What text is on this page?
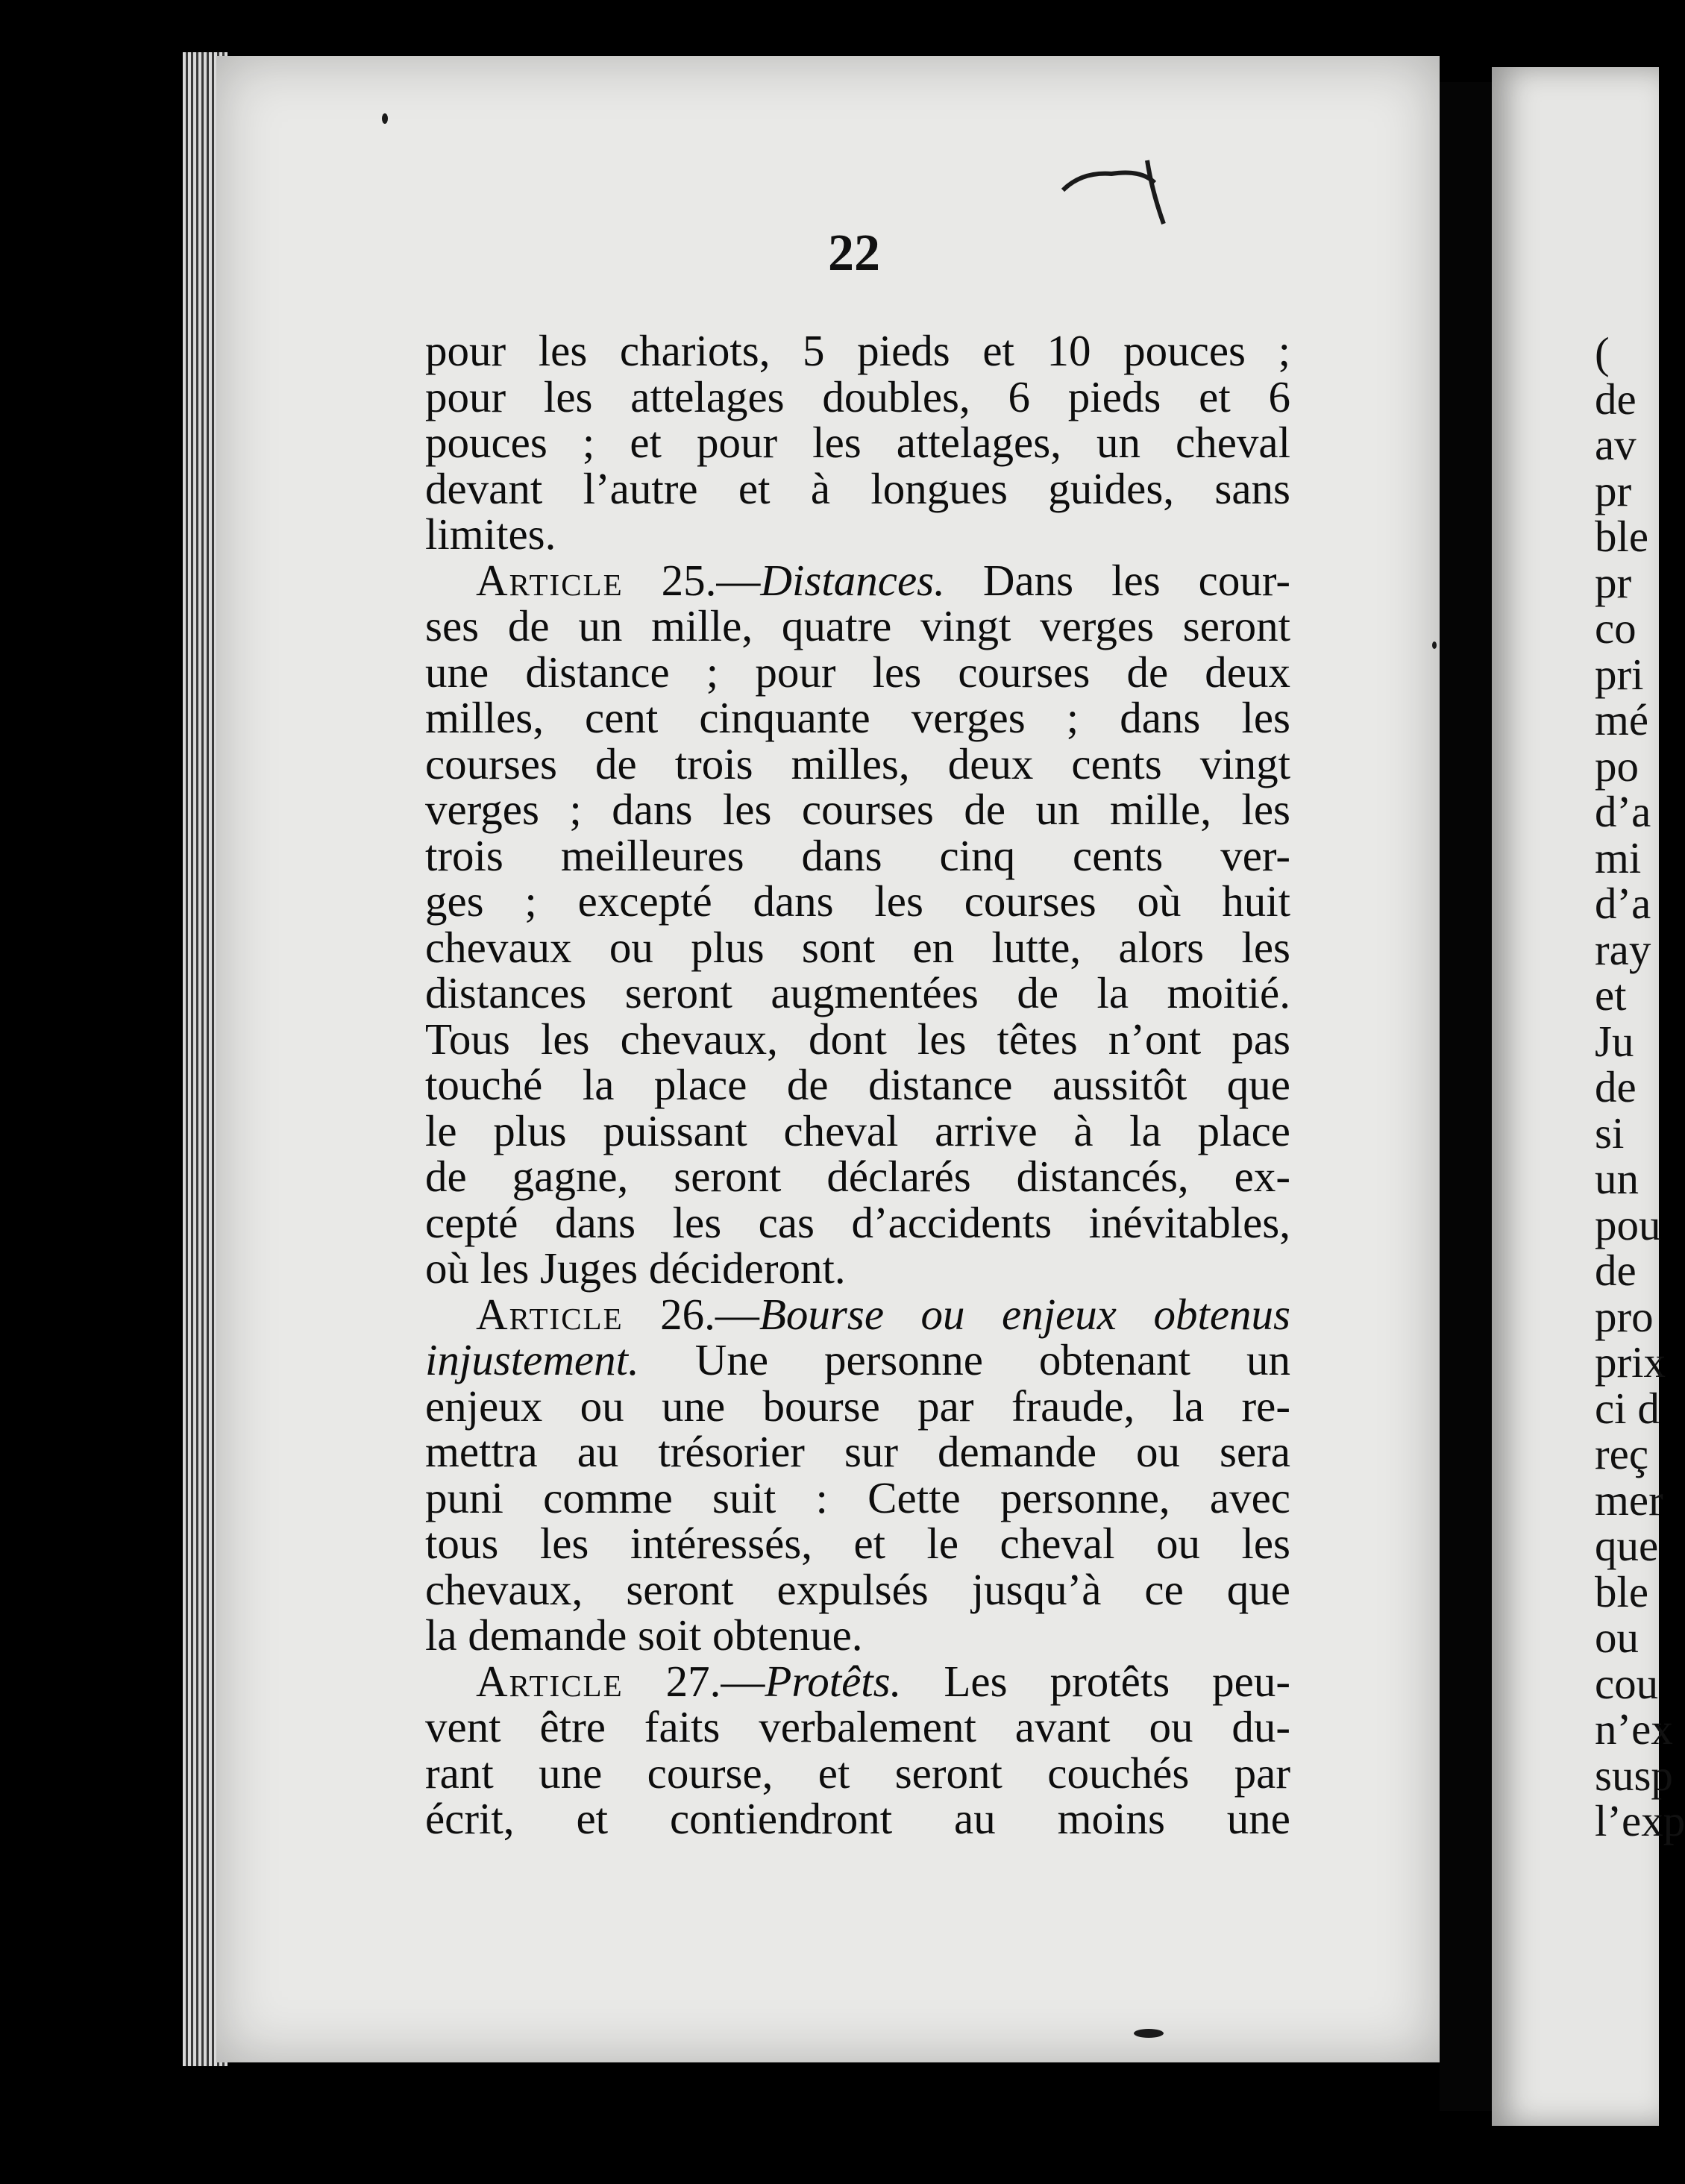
22
pour les chariots, 5 pieds et 10 pouces ;
pour les attelages doubles, 6 pieds et 6
pouces ; et pour les attelages, un cheval
devant l’autre et à longues guides, sans
limites.
Article 25.—Distances. Dans les cour-
ses de un mille, quatre vingt verges seront
une distance ; pour les courses de deux
milles, cent cinquante verges ; dans les
courses de trois milles, deux cents vingt
verges ; dans les courses de un mille, les
trois meilleures dans cinq cents ver-
ges ; excepté dans les courses où huit
chevaux ou plus sont en lutte, alors les
distances seront augmentées de la moitié.
Tous les chevaux, dont les têtes n’ont pas
touché la place de distance aussitôt que
le plus puissant cheval arrive à la place
de gagne, seront déclarés distancés, ex-
cepté dans les cas d’accidents inévitables,
où les Juges décideront.
Article 26.—Bourse ou enjeux obtenus
injustement. Une personne obtenant un
enjeux ou une bourse par fraude, la re-
mettra au trésorier sur demande ou sera
puni comme suit : Cette personne, avec
tous les intéressés, et le cheval ou les
chevaux, seront expulsés jusqu’à ce que
la demande soit obtenue.
Article 27.—Protêts. Les protêts peu-
vent être faits verbalement avant ou du-
rant une course, et seront couchés par
écrit, et contiendront au moins une
(
de
av
pr
ble
pr
co
pri
mé
po
d’a
mi
d’a
ray
et
Ju
de
si
un
pou
de
pro
prix
ci d
reç
mer
que
ble
ou
cou
n’ex
susp
l’exp
